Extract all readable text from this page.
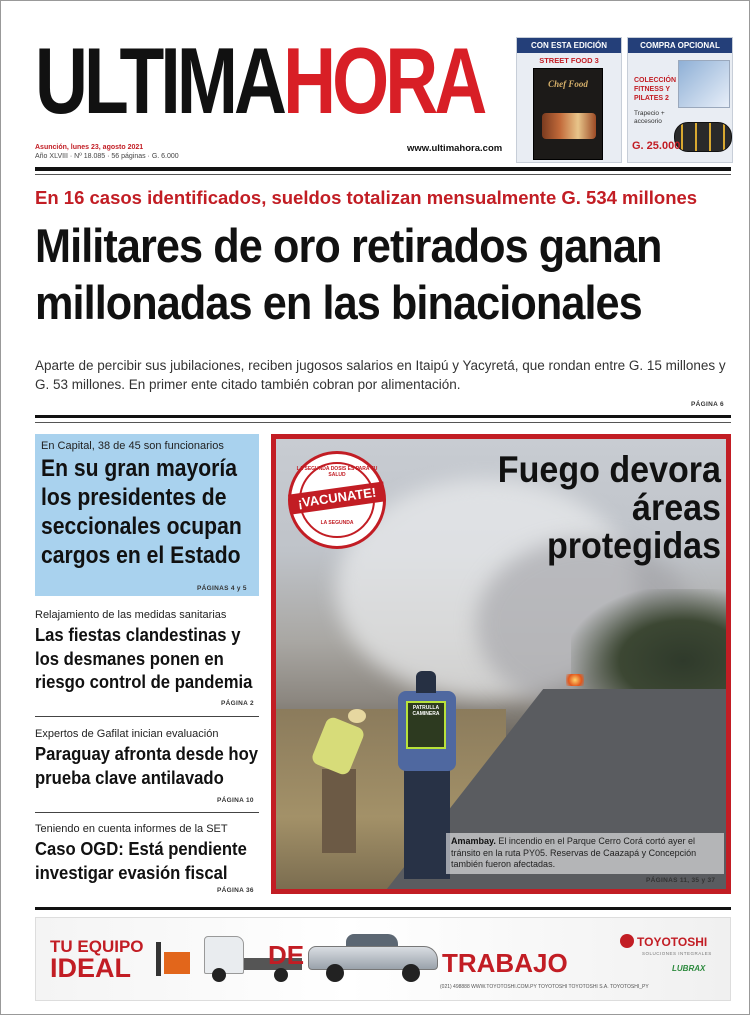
ULTIMAHORA
Asunción, lunes 23, agosto 2021
Año XLVIII · Nº 18.085 · 56 páginas · G. 6.000
www.ultimahora.com
CON ESTA EDICIÓN
STREET FOOD 3
Chef Food
COMPRA OPCIONAL
COLECCIÓN FITNESS Y PILATES 2
Trapecio + accesorio
G. 25.000
En 16 casos identificados, sueldos totalizan mensualmente G. 534 millones
Militares de oro retirados ganan
millonadas en las binacionales
Aparte de percibir sus jubilaciones, reciben jugosos salarios en Itaipú y Yacyretá, que rondan entre G. 15 millones y G. 53 millones. En primer ente citado también cobran por alimentación.
PÁGINA 6
En Capital, 38 de 45 son funcionarios
En su gran mayoría los presidentes de seccionales ocupan cargos en el Estado
PÁGINAS 4 y 5
Relajamiento de las medidas sanitarias
Las fiestas clandestinas y los desmanes ponen en riesgo control de pandemia
PÁGINA 2
Expertos de Gafilat inician evaluación
Paraguay afronta desde hoy prueba clave antilavado
PÁGINA 10
Teniendo en cuenta informes de la SET
Caso OGD: Está pendiente investigar evasión fiscal
PÁGINA 36
PATRULLA CAMINERA
LA SEGUNDA DOSIS ES PARA TU SALUD
¡VACUNATE!
LA SEGUNDA
Fuego devora áreas protegidas
Amambay. El incendio en el Parque Cerro Corá cortó ayer el tránsito en la ruta PY05. Reservas de Caazapá y Concepción también fueron afectadas.
PÁGINAS 11, 35 y 37
TU EQUIPO
IDEAL	DE	TRABAJO
TOYOTOSHI
SOLUCIONES INTEGRALES
LUBRAX
(021) 498888 WWW.TOYOTOSHI.COM.PY TOYOTOSHI TOYOTOSHI S.A. TOYOTOSHI_PY
